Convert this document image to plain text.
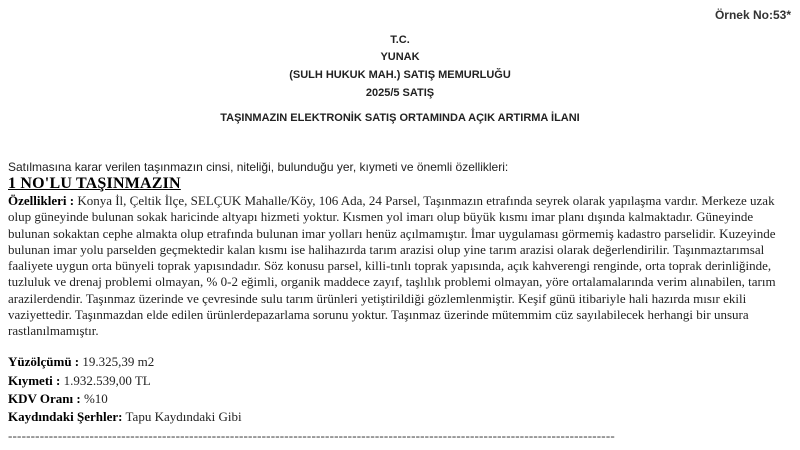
Örnek No:53*
T.C.
YUNAK
(SULH HUKUK MAH.) SATIŞ MEMURLUĞU
2025/5 SATIŞ
TAŞINMAZIN ELEKTRONİK SATIŞ ORTAMINDA AÇIK ARTIRMA İLANI
Satılmasına karar verilen taşınmazın cinsi, niteliği, bulunduğu yer, kıymeti ve önemli özellikleri:
1 NO'LU TAŞINMAZIN
Özellikleri : Konya İl, Çeltik İlçe, SELÇUK Mahalle/Köy, 106 Ada, 24 Parsel, Taşınmazın etrafında seyrek olarak yapılaşma vardır. Merkeze uzak olup güneyinde bulunan sokak haricinde altyapı hizmeti yoktur. Kısmen yol imarı olup büyük kısmı imar planı dışında kalmaktadır. Güneyinde bulunan sokaktan cephe almakta olup etrafında bulunan imar yolları henüz açılmamıştır. İmar uygulaması görmemiş kadastro parselidir. Kuzeyinde bulunan imar yolu parselden geçmektedir kalan kısmı ise halihazırda tarım arazisi olup yine tarım arazisi olarak değerlendirilir. Taşınmaztarımsal faaliyete uygun orta bünyeli toprak yapısındadır. Söz konusu parsel, killi-tınlı toprak yapısında, açık kahverengi renginde, orta toprak derinliğinde, tuzluluk ve drenaj problemi olmayan, % 0-2 eğimli, organik maddece zayıf, taşlılık problemi olmayan, yöre ortalamalarında verim alınabilen, tarım arazilerdendir. Taşınmaz üzerinde ve çevresinde sulu tarım ürünleri yetiştirildiği gözlemlenmiştir. Keşif günü itibariyle hali hazırda mısır ekili vaziyettedir. Taşınmazdan elde edilen ürünlerdepazarlama sorunu yoktur. Taşınmaz üzerinde mütemmim cüz sayılabilecek herhangi bir unsura rastlanılmamıştır.
Yüzölçümü : 19.325,39 m2
Kıymeti : 1.932.539,00 TL
KDV Oranı : %10
Kaydındaki Şerhler: Tapu Kaydındaki Gibi
--------------------------------------------------------------------------------------------------------------------------------------
